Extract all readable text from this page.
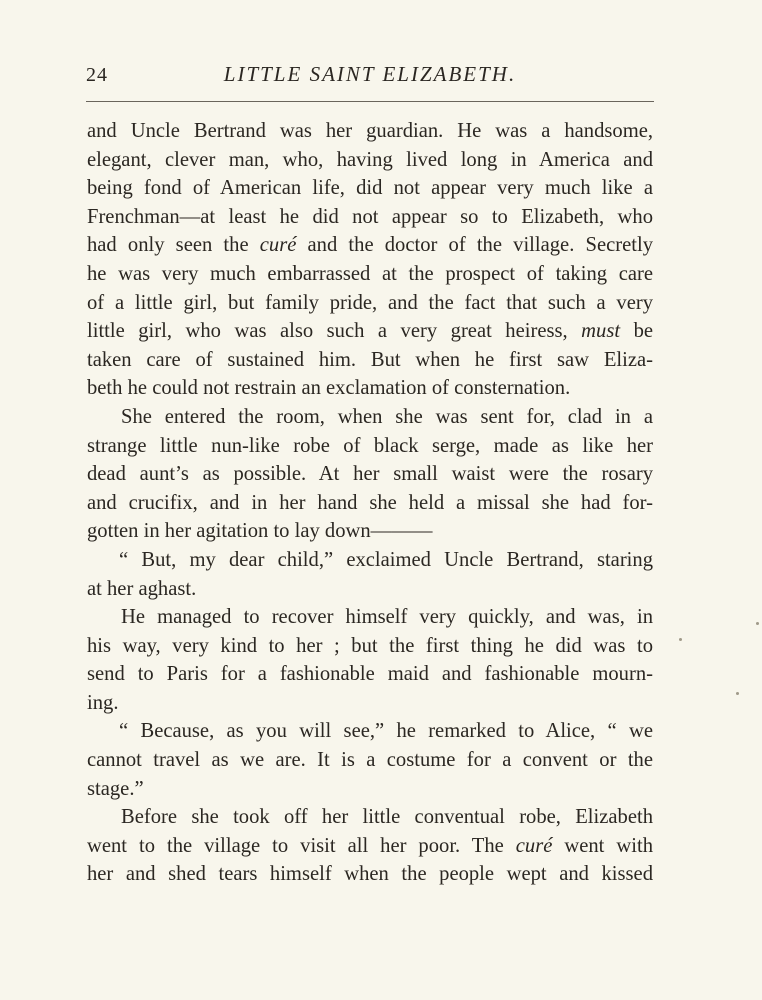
24	LITTLE SAINT ELIZABETH.
and Uncle Bertrand was her guardian. He was a handsome,
elegant, clever man, who, having lived long in America and
being fond of American life, did not appear very much like a
Frenchman—at least he did not appear so to Elizabeth, who
had only seen the curé and the doctor of the village. Secretly
he was very much embarrassed at the prospect of taking care
of a little girl, but family pride, and the fact that such a very
little girl, who was also such a very great heiress, must be
taken care of sustained him. But when he first saw Eliza-
beth he could not restrain an exclamation of consternation.
She entered the room, when she was sent for, clad in a
strange little nun-like robe of black serge, made as like her
dead aunt’s as possible. At her small waist were the rosary
and crucifix, and in her hand she held a missal she had for-
gotten in her agitation to lay down———
“ But, my dear child,” exclaimed Uncle Bertrand, staring
at her aghast.
He managed to recover himself very quickly, and was, in
his way, very kind to her ; but the first thing he did was to
send to Paris for a fashionable maid and fashionable mourn-
ing.
“ Because, as you will see,” he remarked to Alice, “ we
cannot travel as we are. It is a costume for a convent or the
stage.”
Before she took off her little conventual robe, Elizabeth
went to the village to visit all her poor. The curé went with
her and shed tears himself when the people wept and kissed
